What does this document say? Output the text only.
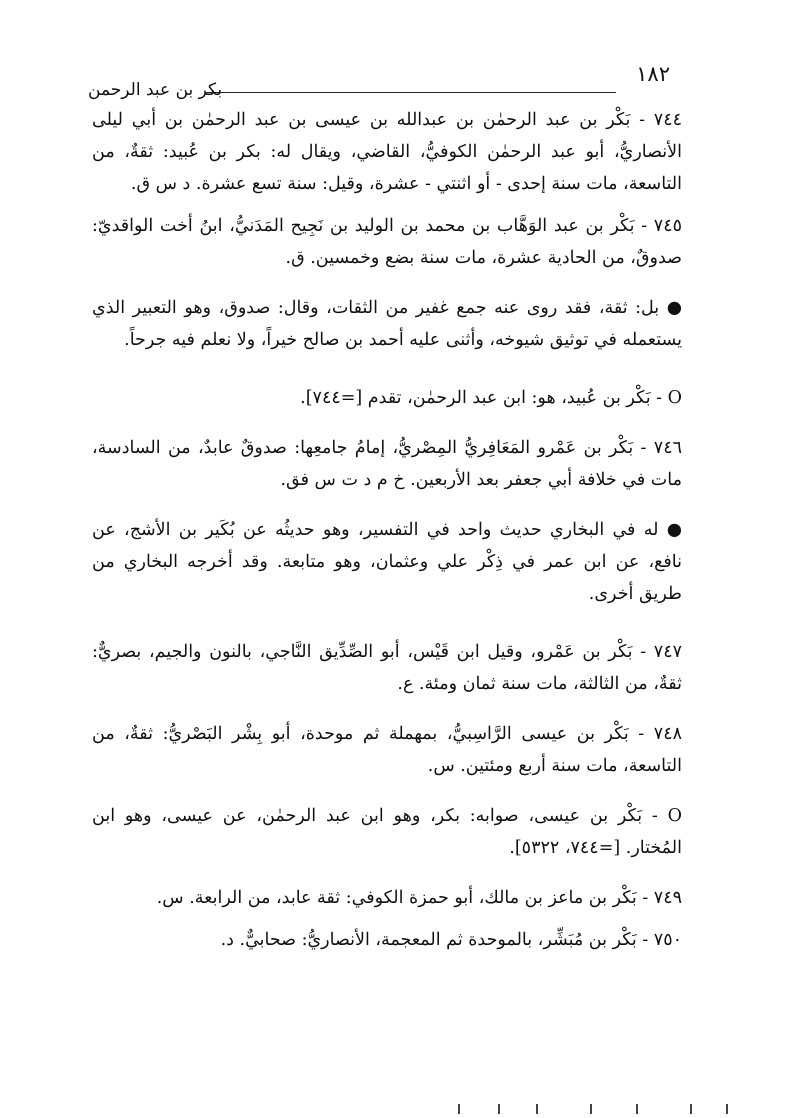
١٨٢
بكر بن عبد الرحمن

٧٤٤ - بَكْر بن عبد الرحمٰن بن عبدالله بن عيسى بن عبد الرحمٰن بن أبي ليلى الأنصاريُّ، أبو عبد الرحمٰن الكوفيُّ، القاضي، ويقال له: بكر بن عُبيد: ثقةٌ، من التاسعة، مات سنة إحدى - أو اثنتي - عشرة، وقيل: سنة تسع عشرة. د س ق.

٧٤٥ - بَكْر بن عبد الوَهَّاب بن محمد بن الوليد بن نَجِيح المَدَنيُّ، ابنُ أخت الواقديّ: صدوقٌ، من الحادية عشرة، مات سنة بضع وخمسين. ق.

● بل: ثقة، فقد روى عنه جمع غفير من الثقات، وقال: صدوق، وهو التعبير الذي يستعمله في توثيق شيوخه، وأثنى عليه أحمد بن صالح خيراً، ولا نعلم فيه جرحاً.

O - بَكْر بن عُبيد، هو: ابن عبد الرحمٰن، تقدم [=٧٤٤].

٧٤٦ - بَكْر بن عَمْرو المَعَافِريُّ المِصْريُّ، إمامُ جامعِها: صدوقٌ عابدٌ، من السادسة، مات في خلافة أبي جعفر بعد الأربعين. خ م د ت س فق.

● له في البخاري حديث واحد في التفسير، وهو حديثُه عن بُكَير بن الأشج، عن نافع، عن ابن عمر في ذِكْر علي وعثمان، وهو متابعة. وقد أخرجه البخاري من طريق أخرى.

٧٤٧ - بَكْر بن عَمْرو، وقيل ابن قَيْس، أبو الصِّدِّيق النَّاجي، بالنون والجيم، بصريٌّ: ثقةٌ، من الثالثة، مات سنة ثمان ومئة. ع.

٧٤٨ - بَكْر بن عيسى الرَّاسِبيُّ، بمهملة ثم موحدة، أبو بِشْر البَصْريُّ: ثقةٌ، من التاسعة، مات سنة أربع ومئتين. س.

O - بَكْر بن عيسى، صوابه: بكر، وهو ابن عبد الرحمٰن، عن عيسى، وهو ابن المُختار. [=٧٤٤، ٥٣٢٢].

٧٤٩ - بَكْر بن ماعز بن مالك، أبو حمزة الكوفي: ثقة عابد، من الرابعة. س.

٧٥٠ - بَكْر بن مُبَشِّر، بالموحدة ثم المعجمة، الأنصاريُّ: صحابيٌّ. د.
